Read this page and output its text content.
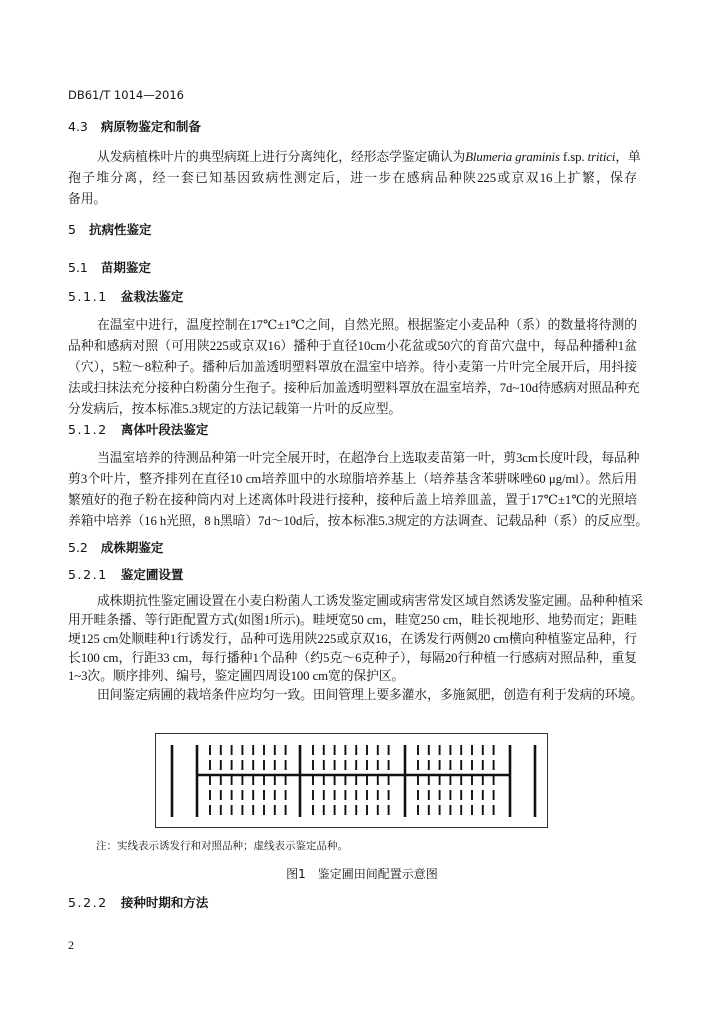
DB61/T 1014—2016
4.3 病原物鉴定和制备
从发病植株叶片的典型病斑上进行分离纯化，经形态学鉴定确认为Blumeria graminis f.sp. tritici，单
孢子堆分离，经一套已知基因致病性测定后，进一步在感病品种陕225或京双16上扩繁，保存
备用。
5 抗病性鉴定
5.1 苗期鉴定
5.1.1 盆栽法鉴定
在温室中进行，温度控制在17℃±1℃之间，自然光照。根据鉴定小麦品种（系）的数量将待测的
品种和感病对照（可用陕225或京双16）播种于直径10cm小花盆或50穴的育苗穴盘中，每品种播种1盆
（穴），5粒～8粒种子。播种后加盖透明塑料罩放在温室中培养。待小麦第一片叶完全展开后，用抖接
法或扫抹法充分接种白粉菌分生孢子。接种后加盖透明塑料罩放在温室培养，7d~10d待感病对照品种充
分发病后，按本标准5.3规定的方法记载第一片叶的反应型。
5.1.2 离体叶段法鉴定
当温室培养的待测品种第一叶完全展开时，在超净台上选取麦苗第一叶，剪3cm长度叶段，每品种
剪3个叶片，整齐排列在直径10 cm培养皿中的水琼脂培养基上（培养基含苯骈咪唑60 μg/ml）。然后用
繁殖好的孢子粉在接种筒内对上述离体叶段进行接种，接种后盖上培养皿盖，置于17℃±1℃的光照培
养箱中培养（16 h光照，8 h黑暗）7d～10d后，按本标准5.3规定的方法调查、记载品种（系）的反应型。
5.2 成株期鉴定
5.2.1 鉴定圃设置
成株期抗性鉴定圃设置在小麦白粉菌人工诱发鉴定圃或病害常发区域自然诱发鉴定圃。品种种植采
用开畦条播、等行距配置方式(如图1所示)。畦埂宽50 cm，畦宽250 cm，畦长视地形、地势而定；距畦
埂125 cm处顺畦种1行诱发行，品种可选用陕225或京双16，在诱发行两侧20 cm横向种植鉴定品种，行
长100 cm，行距33 cm，每行播种1个品种（约5克～6克种子），每隔20行种植一行感病对照品种，重复
1~3次。顺序排列、编号，鉴定圃四周设100 cm宽的保护区。
田间鉴定病圃的栽培条件应均匀一致。田间管理上要多灌水，多施氮肥，创造有利于发病的环境。
注：实线表示诱发行和对照品种；虚线表示鉴定品种。
图1　鉴定圃田间配置示意图
5.2.2 接种时期和方法
2
